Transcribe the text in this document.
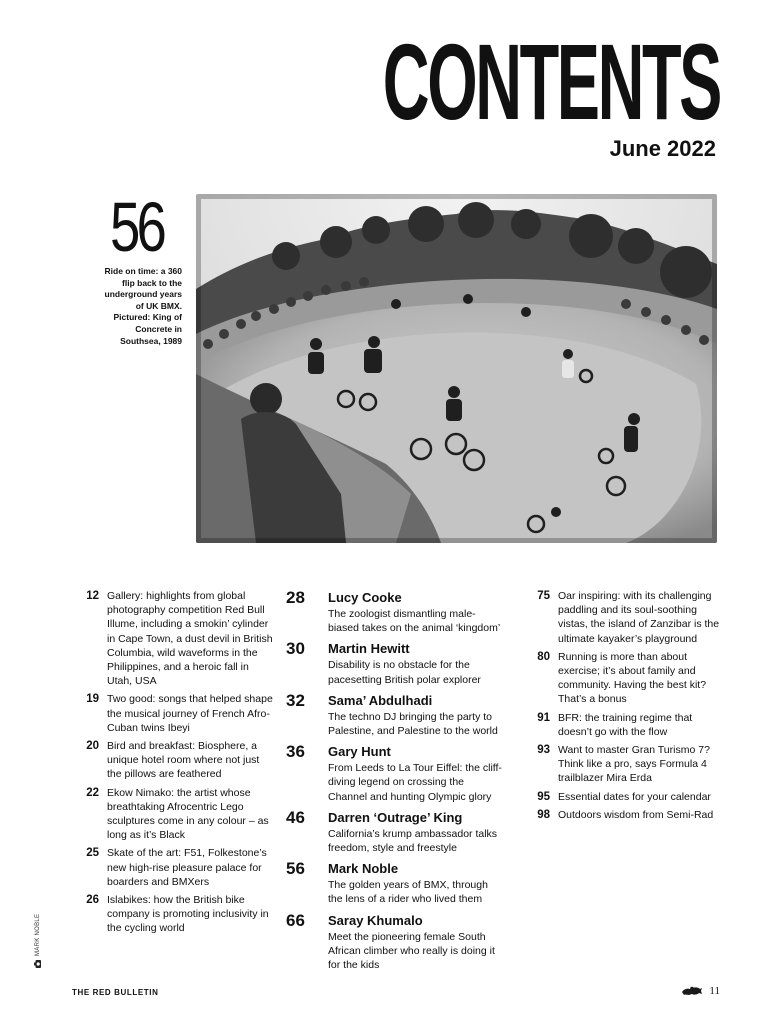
CONTENTS
June 2022
56
Ride on time: a 360 flip back to the underground years of UK BMX. Pictured: King of Concrete in Southsea, 1989
12 Gallery: highlights from global photography competition Red Bull Illume, including a smokin’ cylinder in Cape Town, a dust devil in British Columbia, wild waveforms in the Philippines, and a heroic fall in Utah, USA
19 Two good: songs that helped shape the musical journey of French Afro-Cuban twins Ibeyi
20 Bird and breakfast: Biosphere, a unique hotel room where not just the pillows are feathered
22 Ekow Nimako: the artist whose breathtaking Afrocentric Lego sculptures come in any colour – as long as it’s Black
25 Skate of the art: F51, Folkestone’s new high-rise pleasure palace for boarders and BMXers
26 Islabikes: how the British bike company is promoting inclusivity in the cycling world
28	Lucy Cooke
The zoologist dismantling male-biased takes on the animal ‘kingdom’
30	Martin Hewitt
Disability is no obstacle for the pacesetting British polar explorer
32	Sama’ Abdulhadi
The techno DJ bringing the party to Palestine, and Palestine to the world
36	Gary Hunt
From Leeds to La Tour Eiffel: the cliff-diving legend on crossing the Channel and hunting Olympic glory
46	Darren ‘Outrage’ King
California’s krump ambassador talks freedom, style and freestyle
56	Mark Noble
The golden years of BMX, through the lens of a rider who lived them
66	Saray Khumalo
Meet the pioneering female South African climber who really is doing it for the kids
75 Oar inspiring: with its challenging paddling and its soul-soothing vistas, the island of Zanzibar is the ultimate kayaker’s playground
80 Running is more than about exercise; it’s about family and community. Having the best kit? That’s a bonus
91 BFR: the training regime that doesn’t go with the flow
93 Want to master Gran Turismo 7? Think like a pro, says Formula 4 trailblazer Mira Erda
95 Essential dates for your calendar
98 Outdoors wisdom from Semi-Rad
MARK NOBLE
THE RED BULLETIN	11
